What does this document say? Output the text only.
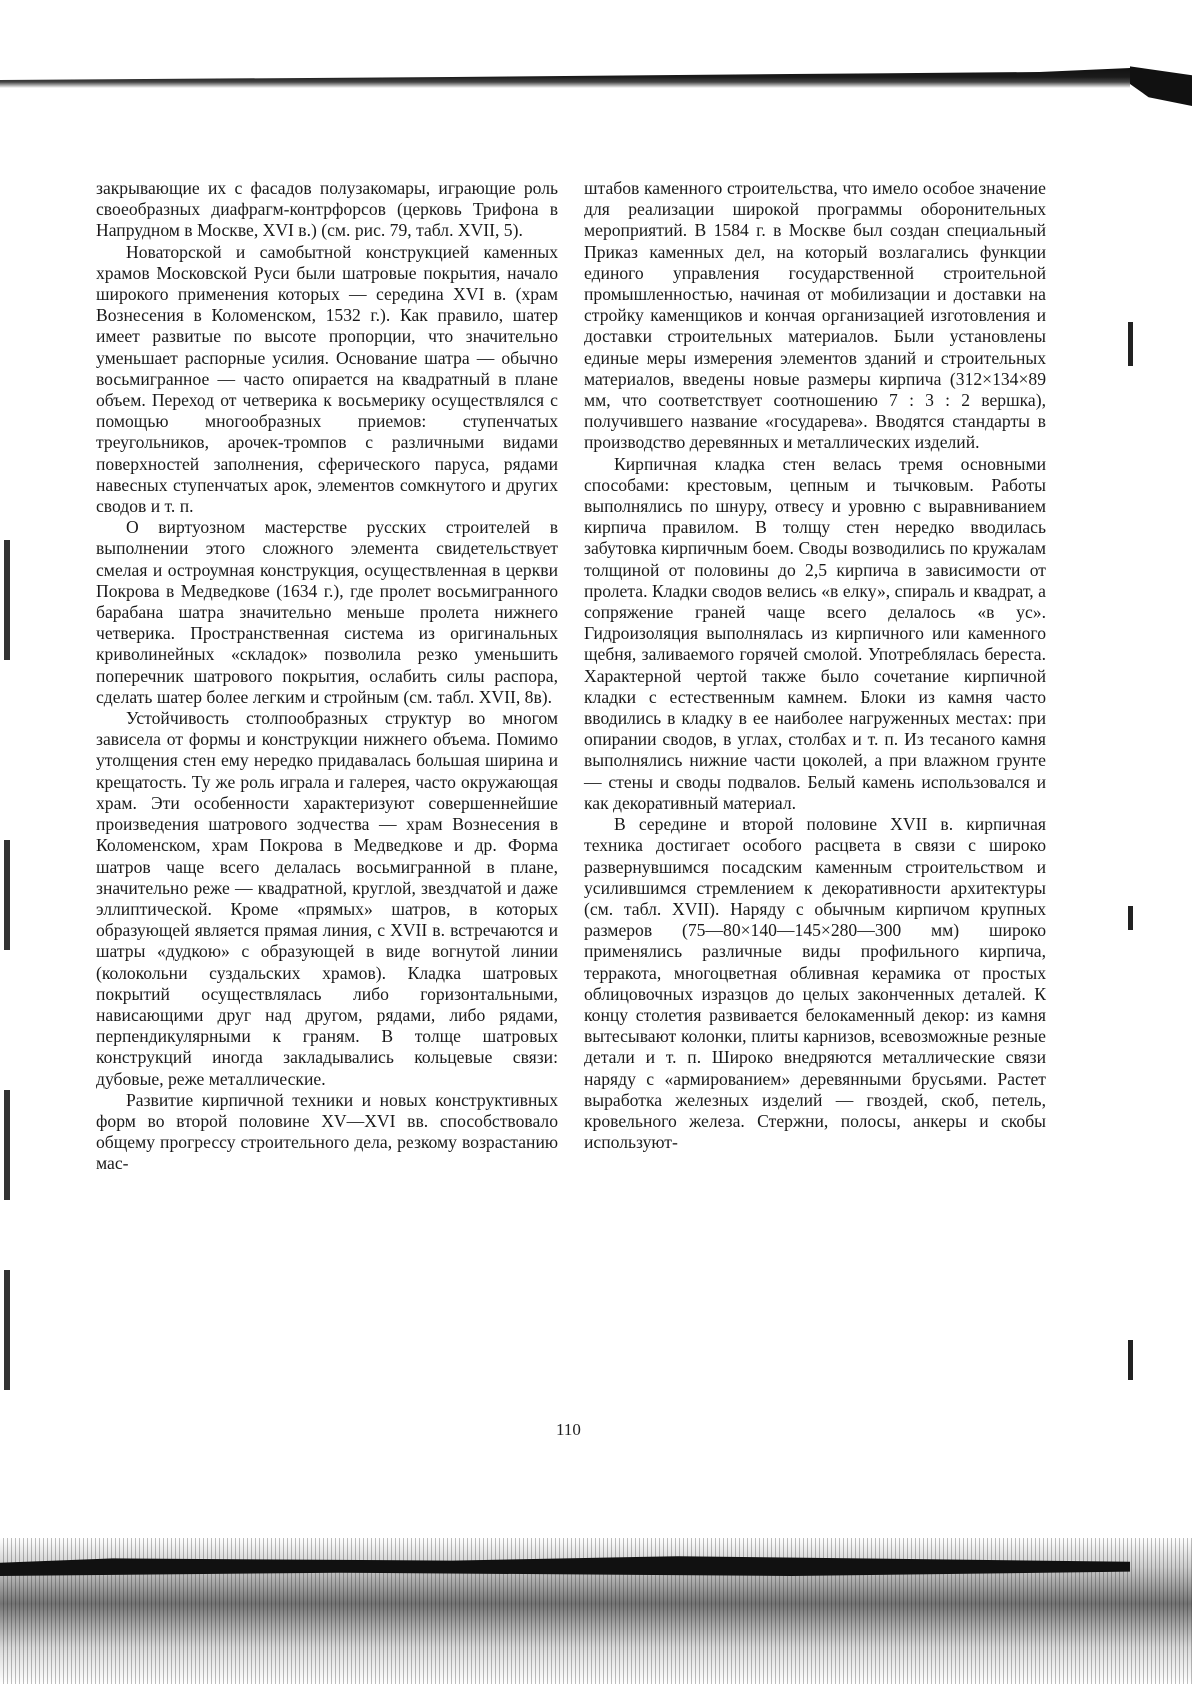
закрывающие их с фасадов полузакомары, играющие роль своеобразных диафрагм-контрфорсов (церковь Трифона в Напрудном в Москве, XVI в.) (см. рис. 79, табл. XVII, 5).

Новаторской и самобытной конструкцией каменных храмов Московской Руси были шатровые покрытия, начало широкого применения которых — середина XVI в. (храм Вознесения в Коломенском, 1532 г.). Как правило, шатер имеет развитые по высоте пропорции, что значительно уменьшает распорные усилия. Основание шатра — обычно восьмигранное — часто опирается на квадратный в плане объем. Переход от четверика к восьмерику осуществлялся с помощью многообразных приемов: ступенчатых треугольников, арочек-тромпов с различными видами поверхностей заполнения, сферического паруса, рядами навесных ступенчатых арок, элементов сомкнутого и других сводов и т. п.

О виртуозном мастерстве русских строителей в выполнении этого сложного элемента свидетельствует смелая и остроумная конструкция, осуществленная в церкви Покрова в Медведкове (1634 г.), где пролет восьмигранного барабана шатра значительно меньше пролета нижнего четверика. Пространственная система из оригинальных криволинейных «складок» позволила резко уменьшить поперечник шатрового покрытия, ослабить силы распора, сделать шатер более легким и стройным (см. табл. XVII, 8в).

Устойчивость столпообразных структур во многом зависела от формы и конструкции нижнего объема. Помимо утолщения стен ему нередко придавалась большая ширина и крещатость. Ту же роль играла и галерея, часто окружающая храм. Эти особенности характеризуют совершеннейшие произведения шатрового зодчества — храм Вознесения в Коломенском, храм Покрова в Медведкове и др. Форма шатров чаще всего делалась восьмигранной в плане, значительно реже — квадратной, круглой, звездчатой и даже эллиптической. Кроме «прямых» шатров, в которых образующей является прямая линия, с XVII в. встречаются и шатры «дудкою» с образующей в виде вогнутой линии (колокольни суздальских храмов). Кладка шатровых покрытий осуществлялась либо горизонтальными, нависающими друг над другом, рядами, либо рядами, перпендикулярными к граням. В толще шатровых конструкций иногда закладывались кольцевые связи: дубовые, реже металлические.

Развитие кирпичной техники и новых конструктивных форм во второй половине XV—XVI вв. способствовало общему прогрессу строительного дела, резкому возрастанию мас-

штабов каменного строительства, что имело особое значение для реализации широкой программы оборонительных мероприятий. В 1584 г. в Москве был создан специальный Приказ каменных дел, на который возлагались функции единого управления государственной строительной промышленностью, начиная от мобилизации и доставки на стройку каменщиков и кончая организацией изготовления и доставки строительных материалов. Были установлены единые меры измерения элементов зданий и строительных материалов, введены новые размеры кирпича (312×134×89 мм, что соответствует соотношению 7 : 3 : 2 вершка), получившего название «государева». Вводятся стандарты в производство деревянных и металлических изделий.

Кирпичная кладка стен велась тремя основными способами: крестовым, цепным и тычковым. Работы выполнялись по шнуру, отвесу и уровню с выравниванием кирпича правилом. В толщу стен нередко вводилась забутовка кирпичным боем. Своды возводились по кружалам толщиной от половины до 2,5 кирпича в зависимости от пролета. Кладки сводов велись «в елку», спираль и квадрат, а сопряжение граней чаще всего делалось «в ус». Гидроизоляция выполнялась из кирпичного или каменного щебня, заливаемого горячей смолой. Употреблялась береста. Характерной чертой также было сочетание кирпичной кладки с естественным камнем. Блоки из камня часто вводились в кладку в ее наиболее нагруженных местах: при опирании сводов, в углах, столбах и т. п. Из тесаного камня выполнялись нижние части цоколей, а при влажном грунте — стены и своды подвалов. Белый камень использовался и как декоративный материал.

В середине и второй половине XVII в. кирпичная техника достигает особого расцвета в связи с широко развернувшимся посадским каменным строительством и усилившимся стремлением к декоративности архитектуры (см. табл. XVII). Наряду с обычным кирпичом крупных размеров (75—80×140—145×280—300 мм) широко применялись различные виды профильного кирпича, терракота, многоцветная обливная керамика от простых облицовочных изразцов до целых законченных деталей. К концу столетия развивается белокаменный декор: из камня вытесывают колонки, плиты карнизов, всевозможные резные детали и т. п. Широко внедряются металлические связи наряду с «армированием» деревянными брусьями. Растет выработка железных изделий — гвоздей, скоб, петель, кровельного железа. Стержни, полосы, анкеры и скобы используют-

110
